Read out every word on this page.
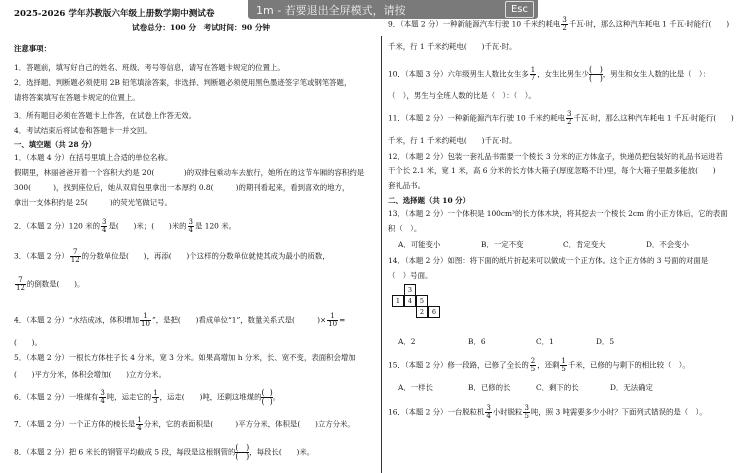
1m - 若要退出全屏模式，请按	Esc
2025-2026 学年苏教版六年级上册数学期中测试卷
试卷总分：100 分　考试时间：90 分钟
注意事项：
1．答题前，填写好自己的姓名、班级、考号等信息，请写在答题卡规定的位置上。
2．选择题、判断题必须使用 2B 铅笔填涂答案，非选择、判断题必须使用黑色墨迹签字笔或钢笔答题，
请将答案填写在答题卡规定的位置上。
3．所有题目必须在答题卡上作答，在试卷上作答无效。
4．考试结束后将试卷和答题卡一并交回。
一、填空题（共 28 分）
1．（本题 4 分）在括号里填上合适的单位名称。
假期里，林丽爸爸开着一个容积大约是 20(　　　　)的双排包乘动车去旅行，她所在的这节车厢的容积约是
300(　　　)，找到座位后，她从双肩包里拿出一本厚约 0.8(　　　)的期刊看起来，看到喜欢的地方，
拿出一支体积约是 25(　　　)的荧光笔做记号。
2．（本题 2 分）120 米的 $\frac{3}{4}$ 是(　　)米；(　　)米的 $\frac{3}{4}$ 是 120 米。
3．（本题 2 分） $\frac{7}{12}$ 的分数单位是(　　)，再添(　　)个这样的分数单位就使其成为最小的质数，
$\frac{7}{12}$ 的倒数是(　　)。
4．（本题 2 分）“水结成冰，体积增加 $\frac{1}{10}$ ”，是把(　　)看成单位“1”，数量关系式是(　　　)× $\frac{1}{10}$ =
(　　)。
5．（本题 2 分）一根长方体柱子长 4 分米，宽 3 分米。如果高增加 h 分米，长、宽不变，表面积会增加
(　　)平方分米，体积会增加(　　)立方分米。
6．（本题 2 分）一堆煤有 $\frac{3}{4}$ 吨，运走它的 $\frac{1}{3}$ ，运走(　　)吨，还剩这堆煤的 (  )
(  ) 。
7．（本题 2 分）一个正方体的棱长是 $\frac{1}{4}$ 分米，它的表面积是(　　　)平方分米，体积是(　　)立方分米。
8．（本题 2 分）把 6 米长的钢管平均截成 5 段，每段是这根钢管的 (   )
(   ) ，每段长(　　)米。
9．（本题 2 分）一种新能源汽车行驶 10 千米约耗电 $\frac{3}{2}$ 千瓦·时，那么这种汽车耗电 1 千瓦·时能行(　　)
千米，行 1 千米约耗电(　　)千瓦·时。
10．（本题 3 分）六年级男生人数比女生多 $\frac{1}{7}$ ，女生比男生少 (   )
(   ) ，男生和女生人数的比是（　）：
（　），男生与全班人数的比是（　）：（　）。
11．（本题 2 分）一种新能源汽车行驶 10 千米约耗电 $\frac{3}{2}$ 千瓦·时，那么这种汽车耗电 1 千瓦·时能行(　　)
千米，行 1 千米约耗电(　　)千瓦·时。
12．（本题 2 分）包装一套礼品书需要一个棱长 3 分米的正方体盒子，快递员把包装好的礼品书运进若
干个长 2.1 米，宽 1 米，高 6 分米的长方体大箱子(厚度忽略不计)里，每个大箱子里最多能放(　　)
套礼品书。
二、选择题（共 10 分）
13．（本题 2 分）一个体积是 100cm³的长方体木块，将其挖去一个棱长 2cm 的小正方体后，它的表面
积（　）。
A．可能变小	B．一定不变	C．肯定变大	D．不会变小
14．（本题 2 分）如图：将下面的纸片折起来可以做成一个正方体。这个正方体的 3 号面的对面是
（　）号面。
3
1	4	5
2	6
A．2	B．6	C．1	D．5
15．（本题 2 分）修一段路，已修了全长的 $\frac{2}{5}$ ，还剩 $\frac{1}{5}$ 千米，已修的与剩下的相比较（　）。
A．一样长	B．已修的长	C．剩下的长	D．无法确定
16．（本题 2 分）一台脱粒机 $\frac{3}{4}$ 小时脱粒 $\frac{3}{5}$ 吨，照 3 吨需要多少小时？下面列式错误的是（　）。
